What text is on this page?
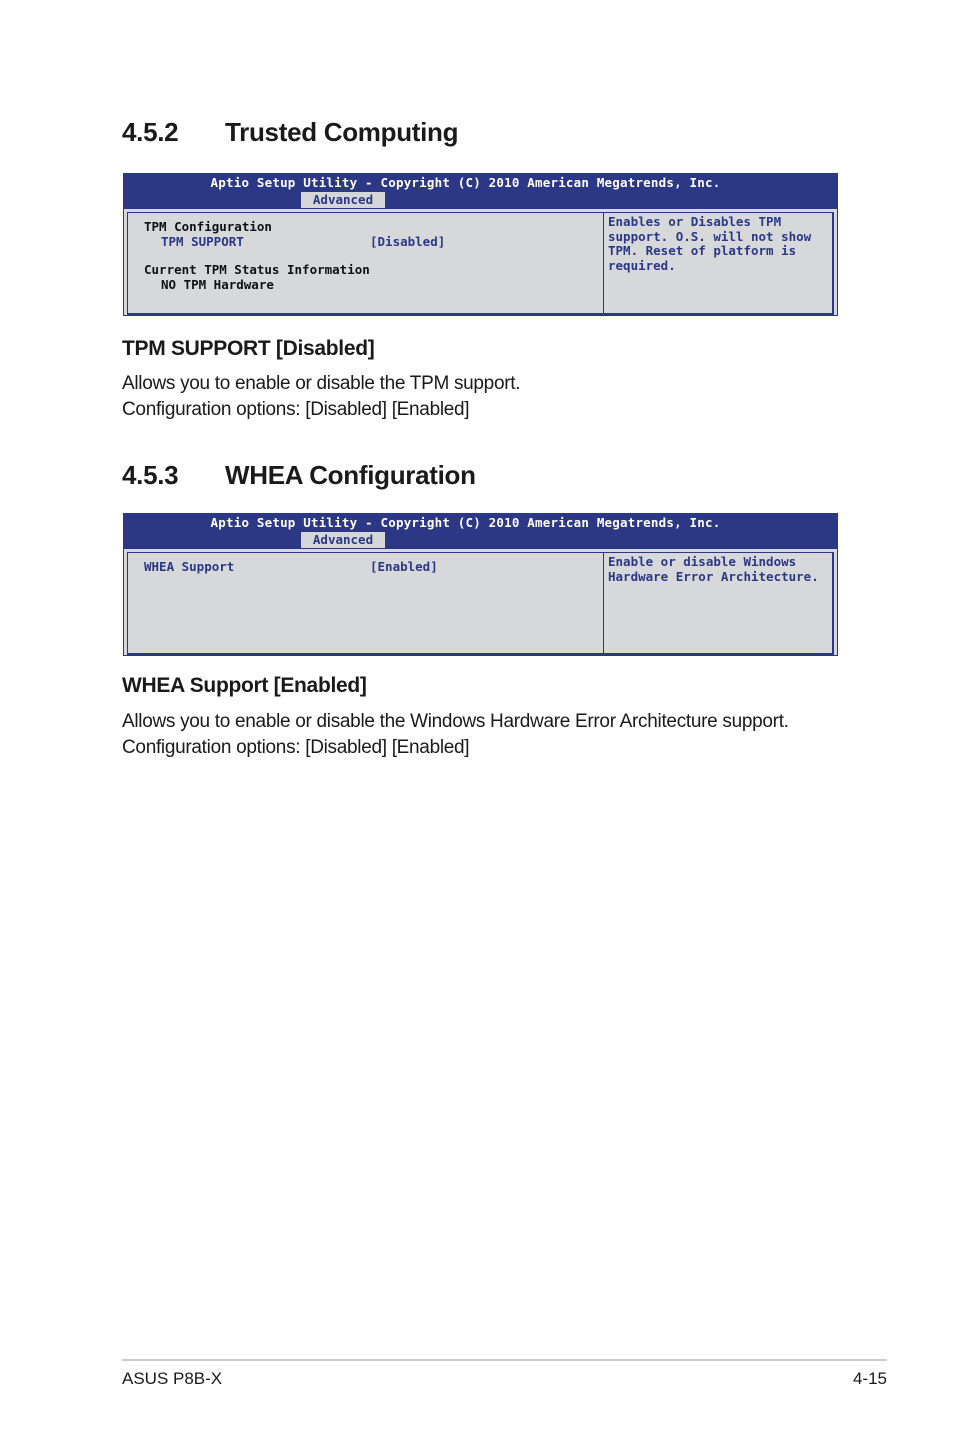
4.5.2 Trusted Computing
Aptio Setup Utility - Copyright (C) 2010 American Megatrends, Inc.
Advanced
TPM Configuration
TPM SUPPORT	[Disabled]
Current TPM Status Information
NO TPM Hardware
Enables or Disables TPM
support. O.S. will not show
TPM. Reset of platform is
required.
TPM SUPPORT [Disabled]
Allows you to enable or disable the TPM support.
Configuration options: [Disabled] [Enabled]
4.5.3 WHEA Configuration
Aptio Setup Utility - Copyright (C) 2010 American Megatrends, Inc.
Advanced
WHEA Support	[Enabled]	Enable or disable Windows
Hardware Error Architecture.
WHEA Support [Enabled]
Allows you to enable or disable the Windows Hardware Error Architecture support.
Configuration options: [Disabled] [Enabled]
ASUS P8B-X	4-15
